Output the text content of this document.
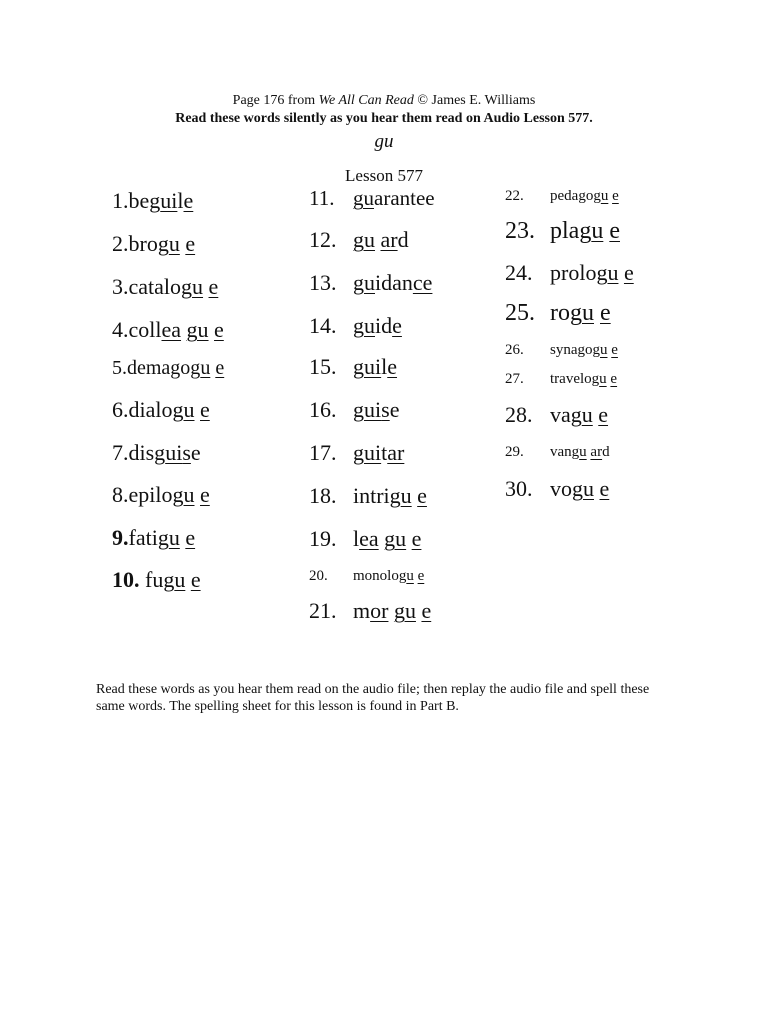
Page 176 from We All Can Read © James E. Williams
Read these words silently as you hear them read on Audio Lesson 577.
gu
Lesson 577
1.beguile
2.brogu e
3.catalogu e
4.collea gu e
5.demagogu e
6.dialogu e
7.disguise
8.epilogu e
9.fatigu e
10. fugu e
11. guarantee
12. gu ard
13. guidance
14. guide
15. guile
16. guise
17. guitar
18. intrigu e
19. lea gu e
20. monologu e
21. mor gu e
22. pedagogu e
23. plagu e
24. prologu e
25. rogu e
26. synagogu e
27. travelogu e
28. vagu e
29. vangu ard
30. vogu e
Read these words as you hear them read on the audio file; then replay the audio file and spell these same words. The spelling sheet for this lesson is found in Part B.
